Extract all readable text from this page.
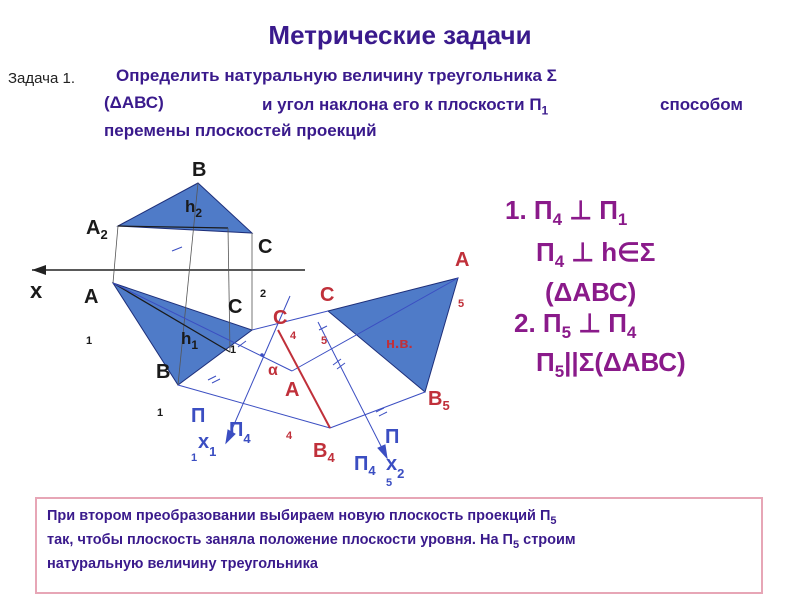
Метрические задачи
Задача 1. Определить натуральную величину треугольника Σ
(ΔАВС)	и угол наклона его к плоскости $П_1$	способом
перемены плоскостей проекций
B
$A_2$
$h_2$
C
2
x A
1
C
1
$h_1$
B
1
C
4
α
A
4
$B_4$
C
5
A
5
$B_5$
н.в.
П
1
$x_1$
$П_4$	П
5
$П_4$ $x_2$
1. $П_4$ ⊥ $П_1$
$П_4$ ⊥ h∈Σ
(ΔАВС)
2. $П_5$ ⊥ $П_4$
$П_5||\Sigma(\Delta АВС)$
При втором преобразовании выбираем новую плоскость проекций $П_5$
так, чтобы плоскость заняла положение плоскости уровня. На $П_5$ строим
натуральную величину треугольника
